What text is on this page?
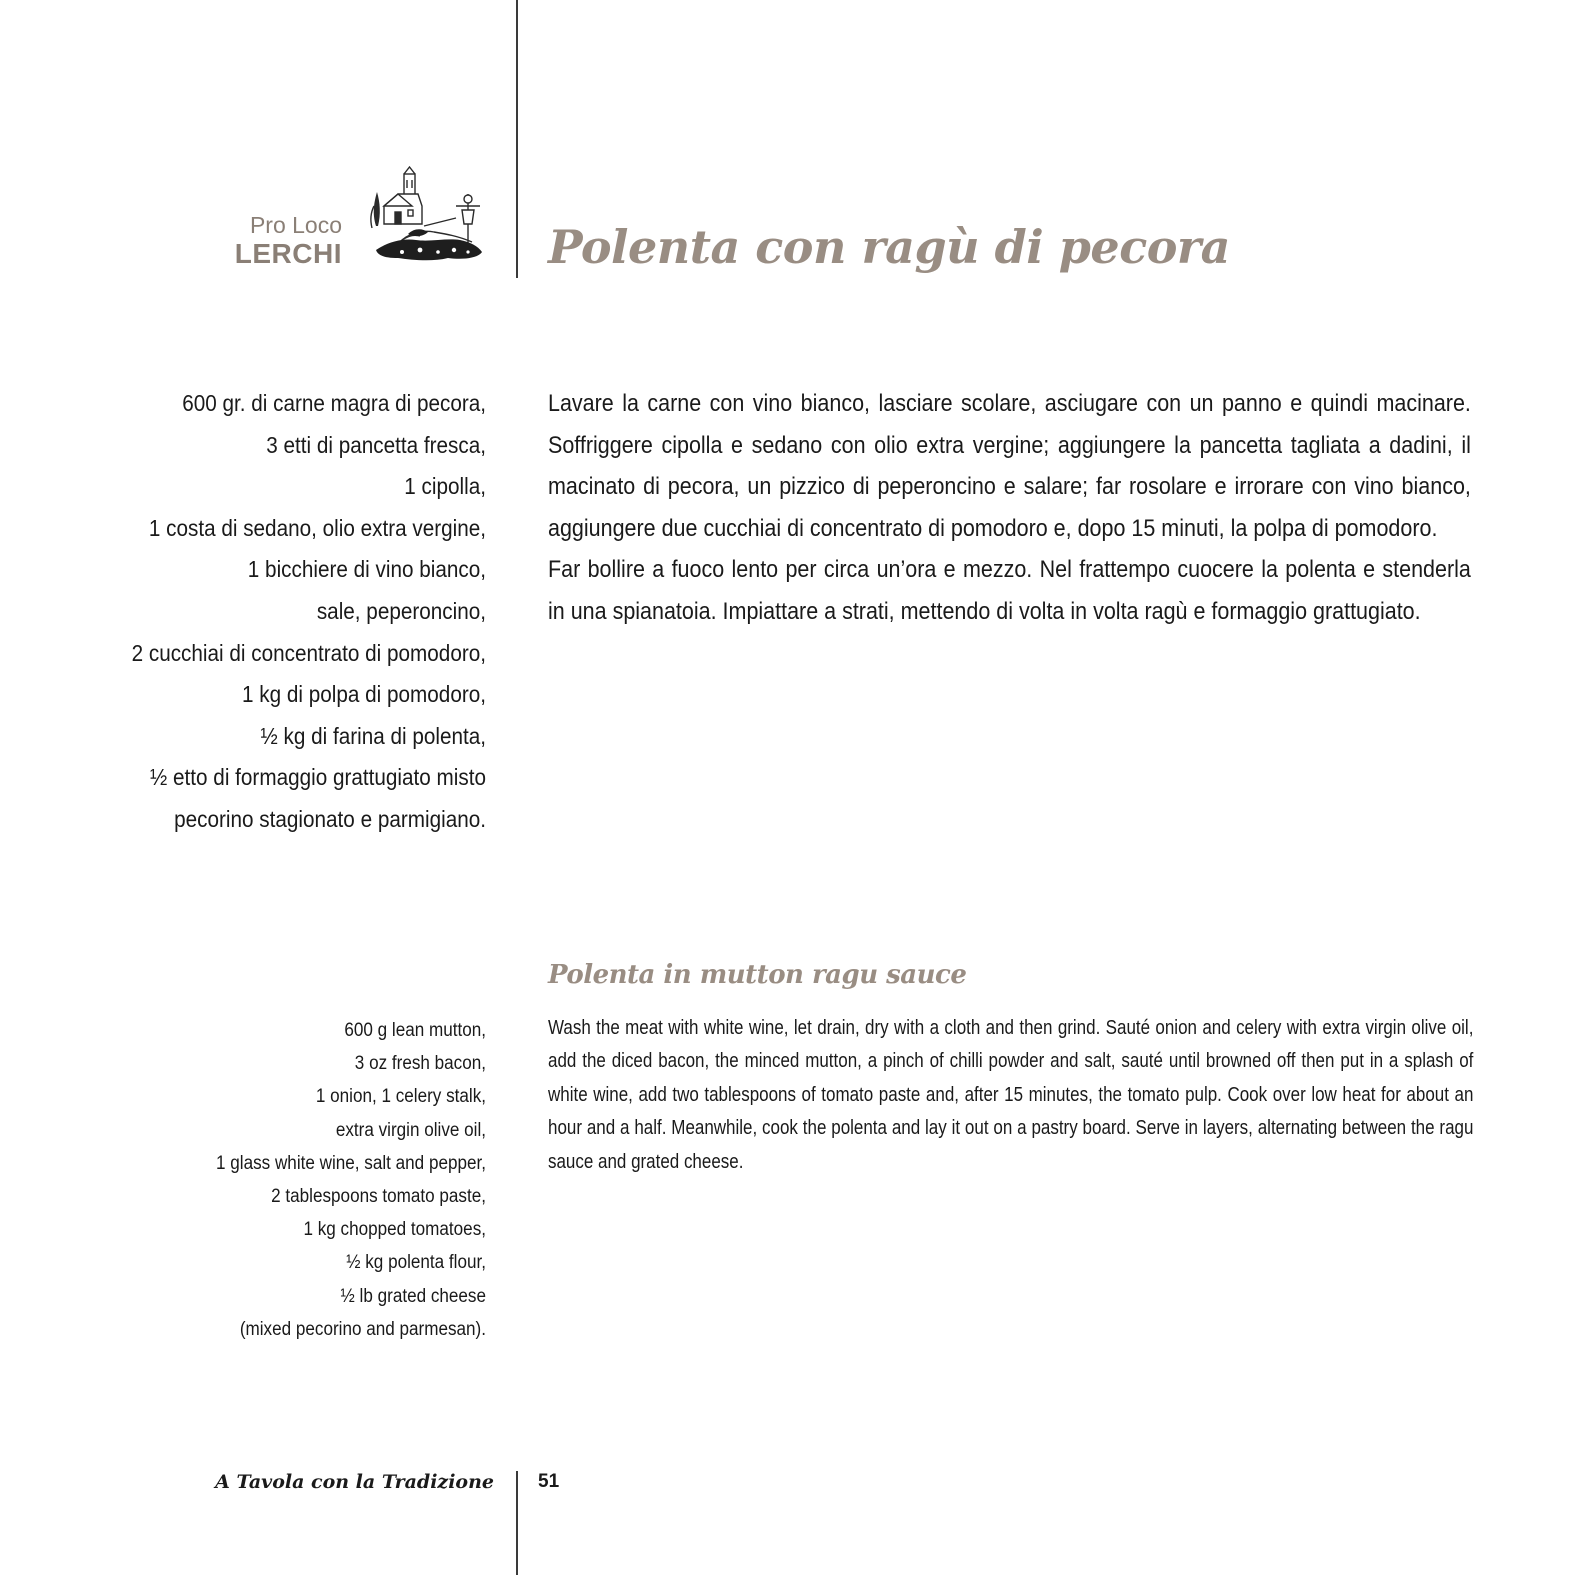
Pro Loco
LERCHI	Polenta con ragù di pecora
600 gr. di carne magra di pecora,
3 etti di pancetta fresca,
1 cipolla,
1 costa di sedano, olio extra vergine,
1 bicchiere di vino bianco,
sale, peperoncino,
2 cucchiai di concentrato di pomodoro,
1 kg di polpa di pomodoro,
½ kg di farina di polenta,
½ etto di formaggio grattugiato misto
pecorino stagionato e parmigiano.

Lavare la carne con vino bianco, lasciare scolare, asciugare con un panno e quindi macinare. Soffriggere cipolla e sedano con olio extra vergine; aggiungere la pancetta tagliata a dadini, il macinato di pecora, un pizzico di peperoncino e salare; far rosolare e irrorare con vino bianco, aggiungere due cucchiai di concentrato di pomodoro e, dopo 15 minuti, la polpa di pomodoro.

Far bollire a fuoco lento per circa un’ora e mezzo. Nel frattempo cuocere la polenta e stenderla in una spianatoia. Impiattare a strati, mettendo di volta in volta ragù e formaggio grattugiato.

Polenta in mutton ragu sauce
600 g lean mutton,
3 oz fresh bacon,
1 onion, 1 celery stalk,
extra virgin olive oil,
1 glass white wine, salt and pepper,
2 tablespoons tomato paste,
1 kg chopped tomatoes,
½ kg polenta flour,
½ lb grated cheese
(mixed pecorino and parmesan).

Wash the meat with white wine, let drain, dry with a cloth and then grind. Sauté onion and celery with extra virgin olive oil, add the diced bacon, the minced mutton, a pinch of chilli powder and salt, sauté until browned off then put in a splash of white wine, add two tablespoons of tomato paste and, after 15 minutes, the tomato pulp. Cook over low heat for about an hour and a half. Meanwhile, cook the polenta and lay it out on a pastry board. Serve in layers, alternating between the ragu sauce and grated cheese.

A Tavola con la Tradizione 51
